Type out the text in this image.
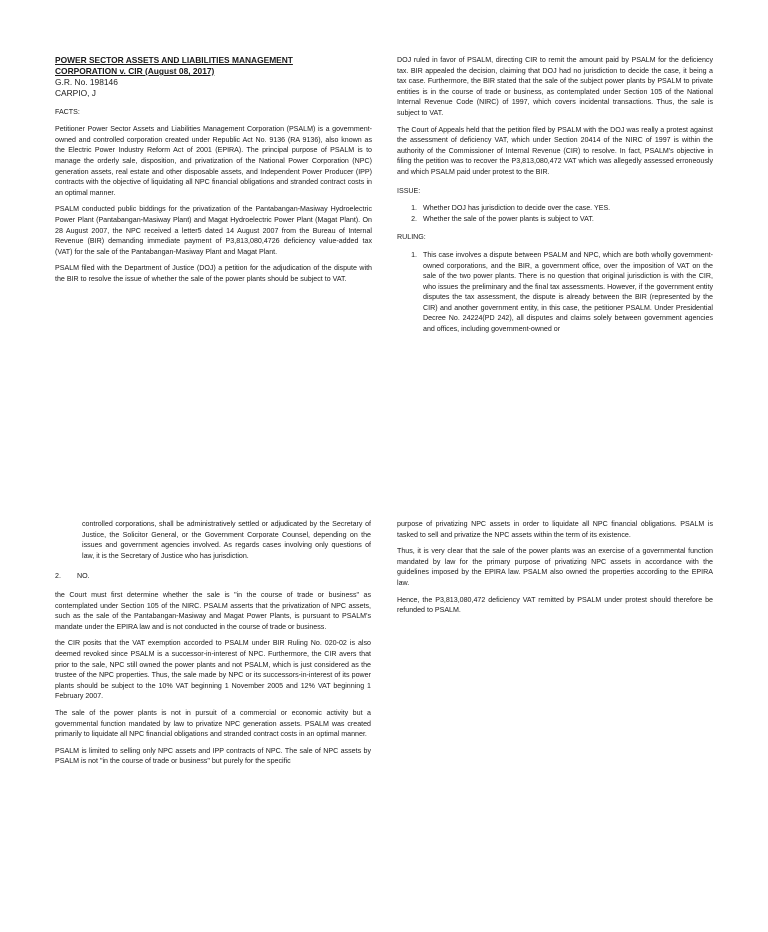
POWER SECTOR ASSETS AND LIABILITIES MANAGEMENT
CORPORATION v. CIR (August 08, 2017)
G.R. No. 198146
CARPIO, J

FACTS:

Petitioner Power Sector Assets and Liabilities Management Corporation (PSALM) is a government-owned and controlled corporation created under Republic Act No. 9136 (RA 9136), also known as the Electric Power Industry Reform Act of 2001 (EPIRA). The principal purpose of PSALM is to manage the orderly sale, disposition, and privatization of the National Power Corporation (NPC) generation assets, real estate and other disposable assets, and Independent Power Producer (IPP) contracts with the objective of liquidating all NPC financial obligations and stranded contract costs in an optimal manner.

PSALM conducted public biddings for the privatization of the Pantabangan-Masiway Hydroelectric Power Plant (Pantabangan-Masiway Plant) and Magat Hydroelectric Power Plant (Magat Plant). On 28 August 2007, the NPC received a letter5 dated 14 August 2007 from the Bureau of Internal Revenue (BIR) demanding immediate payment of P3,813,080,4726 deficiency value-added tax (VAT) for the sale of the Pantabangan-Masiway Plant and Magat Plant.

PSALM filed with the Department of Justice (DOJ) a petition for the adjudication of the dispute with the BIR to resolve the issue of whether the sale of the power plants should be subject to VAT.

DOJ ruled in favor of PSALM, directing CIR to remit the amount paid by PSALM for the deficiency tax. BIR appealed the decision, claiming that DOJ had no jurisdiction to decide the case, it being a tax case. Furthermore, the BIR stated that the sale of the subject power plants by PSALM to private entities is in the course of trade or business, as contemplated under Section 105 of the National Internal Revenue Code (NIRC) of 1997, which covers incidental transactions. Thus, the sale is subject to VAT.

The Court of Appeals held that the petition filed by PSALM with the DOJ was really a protest against the assessment of deficiency VAT, which under Section 20414 of the NIRC of 1997 is within the authority of the Commissioner of Internal Revenue (CIR) to resolve. In fact, PSALM's objective in filing the petition was to recover the P3,813,080,472 VAT which was allegedly assessed erroneously and which PSALM paid under protest to the BIR.

ISSUE:

1. Whether DOJ has jurisdiction to decide over the case. YES.
2. Whether the sale of the power plants is subject to VAT.

RULING:

1. This case involves a dispute between PSALM and NPC, which are both wholly government- owned corporations, and the BIR, a government office, over the imposition of VAT on the sale of the two power plants. There is no question that original jurisdiction is with the CIR, who issues the preliminary and the final tax assessments. However, if the government entity disputes the tax assessment, the dispute is already between the BIR (represented by the CIR) and another government entity, in this case, the petitioner PSALM. Under Presidential Decree No. 24224(PD 242), all disputes and claims solely between government agencies and offices, including government-owned or

controlled corporations, shall be administratively settled or adjudicated by the Secretary of Justice, the Solicitor General, or the Government Corporate Counsel, depending on the issues and government agencies involved. As regards cases involving only questions of law, it is the Secretary of Justice who has jurisdiction.

2. NO.

the Court must first determine whether the sale is "in the course of trade or business" as contemplated under Section 105 of the NIRC. PSALM asserts that the privatization of NPC assets, such as the sale of the Pantabangan-Masiway and Magat Power Plants, is pursuant to PSALM's mandate under the EPIRA law and is not conducted in the course of trade or business.

the CIR posits that the VAT exemption accorded to PSALM under BIR Ruling No. 020-02 is also deemed revoked since PSALM is a successor-in-interest of NPC. Furthermore, the CIR avers that prior to the sale, NPC still owned the power plants and not PSALM, which is just considered as the trustee of the NPC properties. Thus, the sale made by NPC or its successors-in-interest of its power plants should be subject to the 10% VAT beginning 1 November 2005 and 12% VAT beginning 1 February 2007.

The sale of the power plants is not in pursuit of a commercial or economic activity but a governmental function mandated by law to privatize NPC generation assets. PSALM was created primarily to liquidate all NPC financial obligations and stranded contract costs in an optimal manner.

PSALM is limited to selling only NPC assets and IPP contracts of NPC. The sale of NPC assets by PSALM is not "in the course of trade or business" but purely for the specific

purpose of privatizing NPC assets in order to liquidate all NPC financial obligations. PSALM is tasked to sell and privatize the NPC assets within the term of its existence.

Thus, it is very clear that the sale of the power plants was an exercise of a governmental function mandated by law for the primary purpose of privatizing NPC assets in accordance with the guidelines imposed by the EPIRA law. PSALM also owned the properties according to the EPIRA law.

Hence, the P3,813,080,472 deficiency VAT remitted by PSALM under protest should therefore be refunded to PSALM.
